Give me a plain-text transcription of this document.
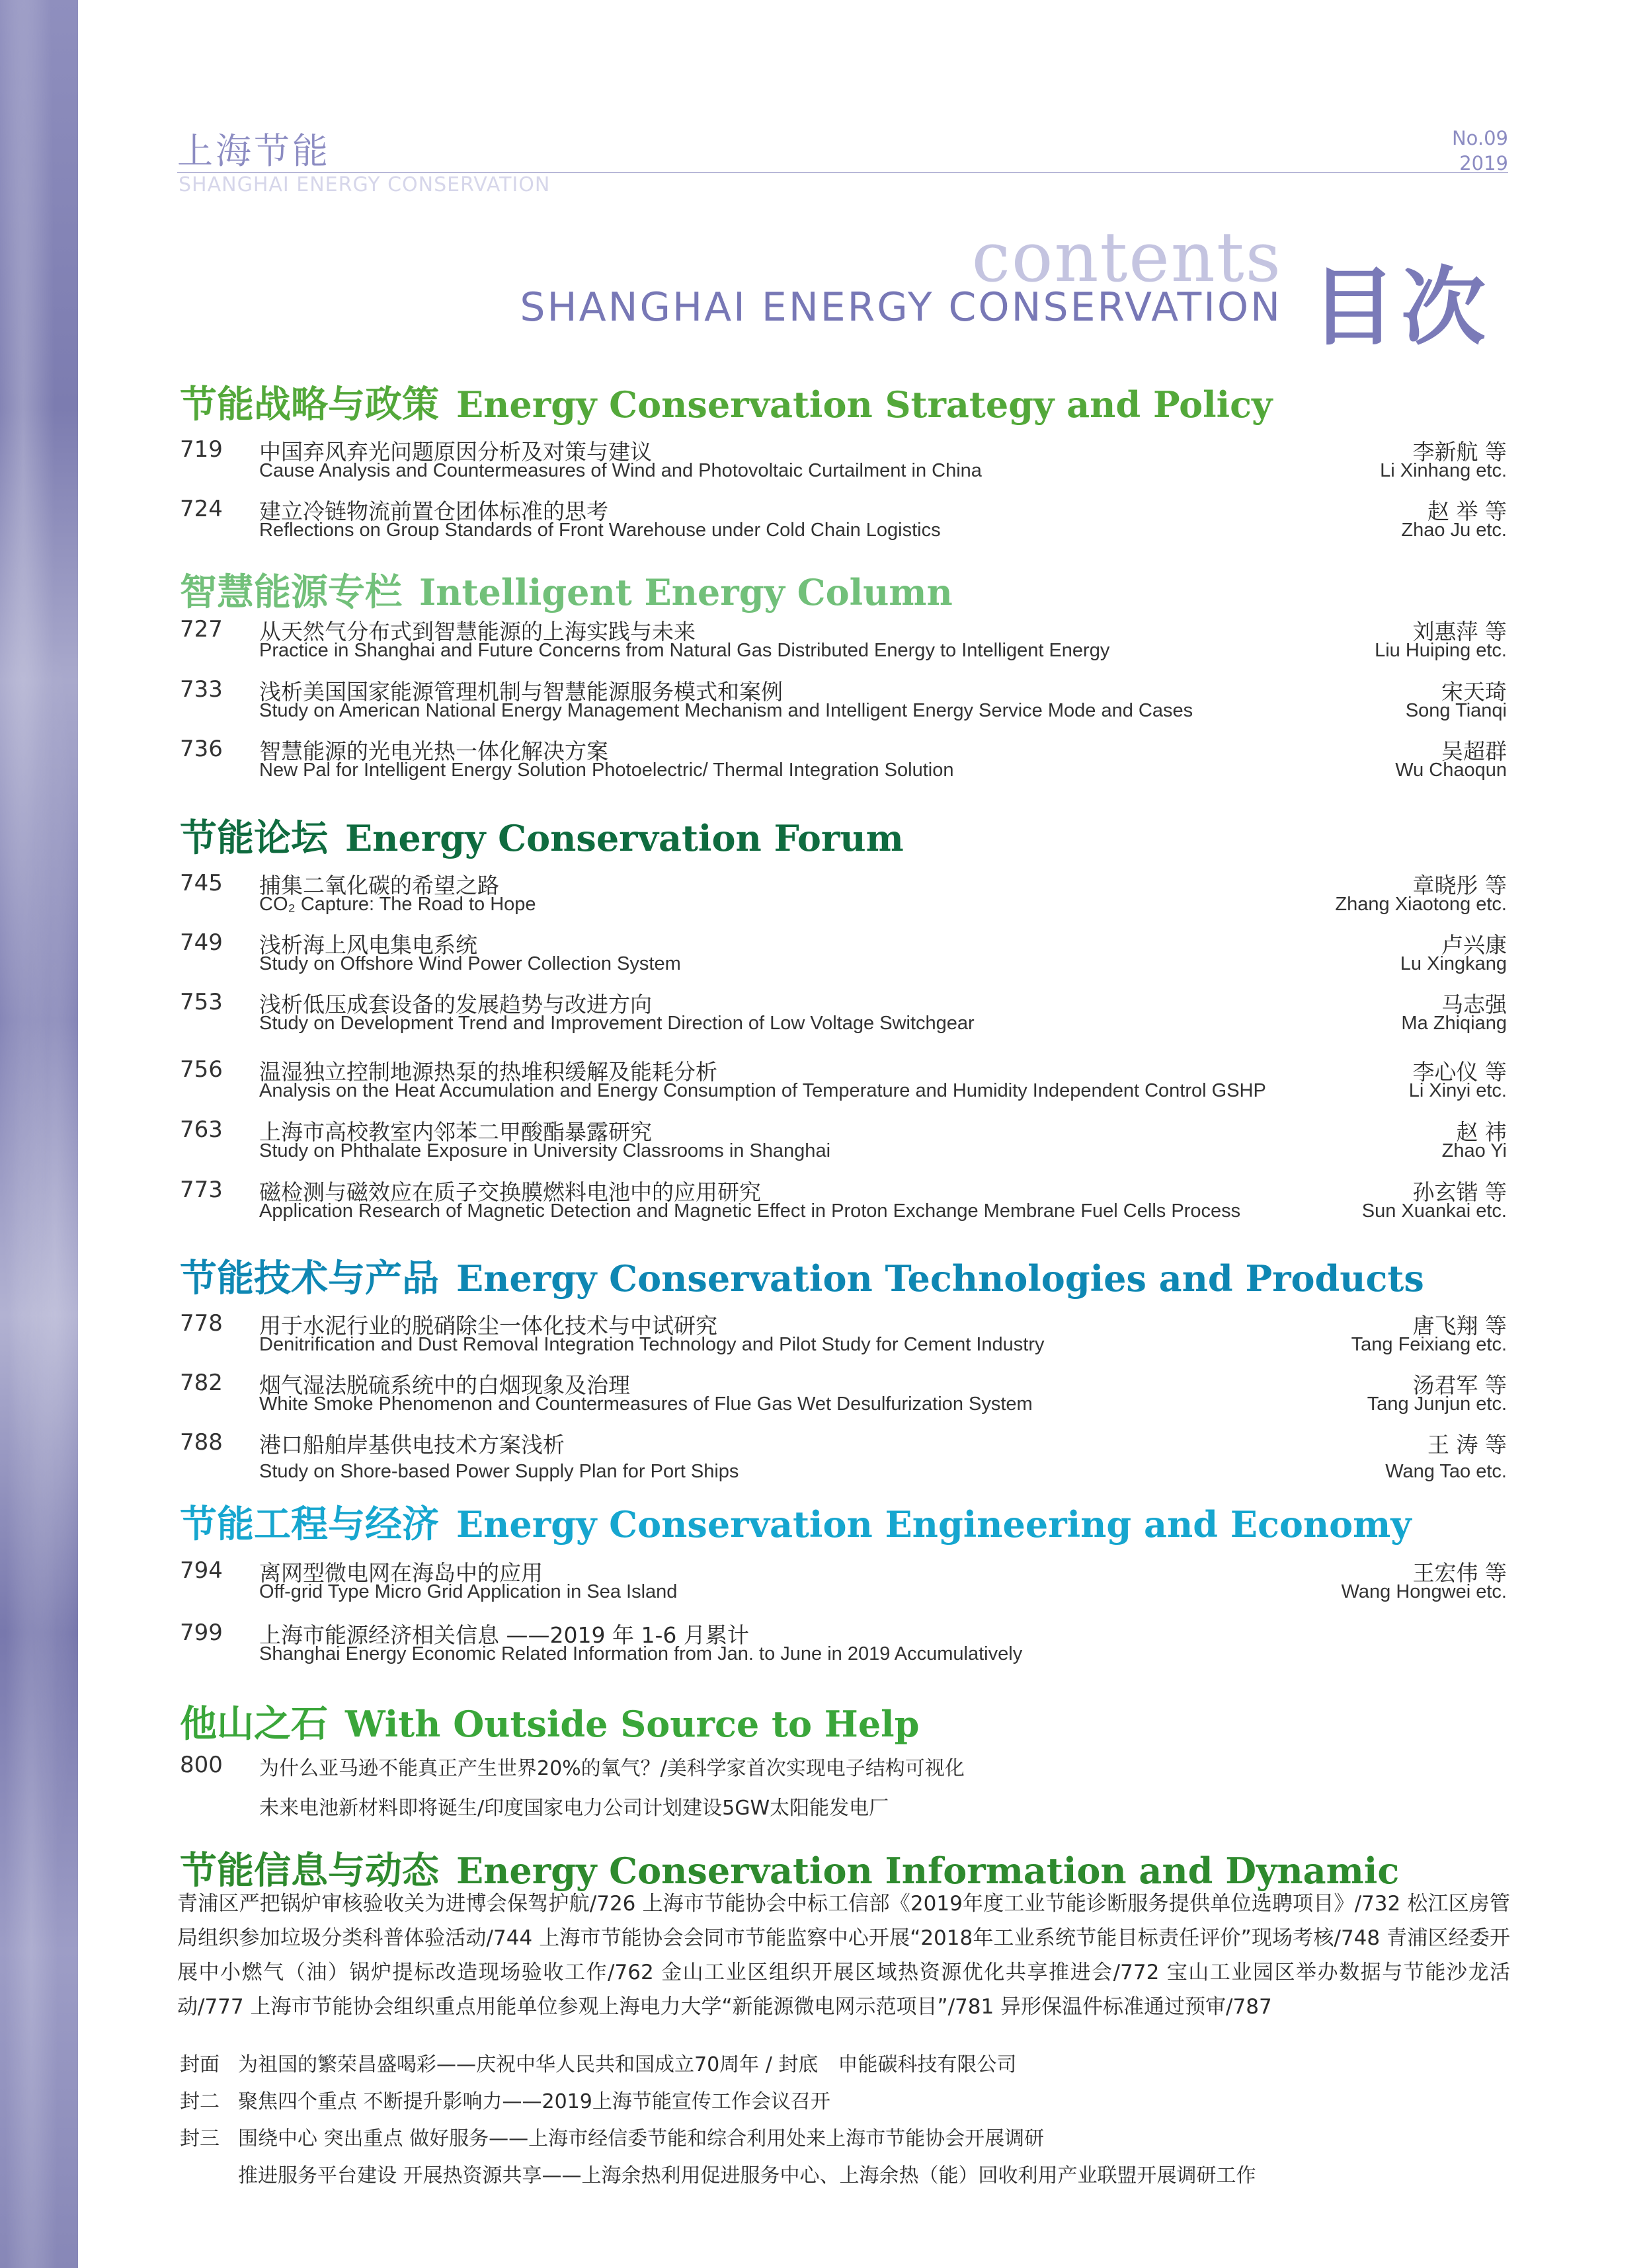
上海节能
SHANGHAI ENERGY CONSERVATION
No.09
2019
contents
SHANGHAI ENERGY CONSERVATION 目次
节能战略与政策 Energy Conservation Strategy and Policy
719 中国弃风弃光问题原因分析及对策与建议
Cause Analysis and Countermeasures of Wind and Photovoltaic Curtailment in China
李新航 等
Li Xinhang etc.
724 建立冷链物流前置仓团体标准的思考
Reflections on Group Standards of Front Warehouse under Cold Chain Logistics
赵 举 等
Zhao Ju etc.
智慧能源专栏 Intelligent Energy Column
727 从天然气分布式到智慧能源的上海实践与未来
Practice in Shanghai and Future Concerns from Natural Gas Distributed Energy to Intelligent Energy
刘惠萍 等
Liu Huiping etc.
733 浅析美国国家能源管理机制与智慧能源服务模式和案例
Study on American National Energy Management Mechanism and Intelligent Energy Service Mode and Cases
宋天琦
Song Tianqi
736 智慧能源的光电光热一体化解决方案
New Pal for Intelligent Energy Solution Photoelectric/ Thermal Integration Solution
吴超群
Wu Chaoqun
节能论坛 Energy Conservation Forum
745 捕集二氧化碳的希望之路
CO₂ Capture: The Road to Hope
章晓彤 等
Zhang Xiaotong etc.
749 浅析海上风电集电系统
Study on Offshore Wind Power Collection System
卢兴康
Lu Xingkang
753 浅析低压成套设备的发展趋势与改进方向
Study on Development Trend and Improvement Direction of Low Voltage Switchgear
马志强
Ma Zhiqiang
756 温湿独立控制地源热泵的热堆积缓解及能耗分析
Analysis on the Heat Accumulation and Energy Consumption of Temperature and Humidity Independent Control GSHP
李心仪 等
Li Xinyi etc.
763 上海市高校教室内邻苯二甲酸酯暴露研究
Study on Phthalate Exposure in University Classrooms in Shanghai
赵 祎
Zhao Yi
773 磁检测与磁效应在质子交换膜燃料电池中的应用研究
Application Research of Magnetic Detection and Magnetic Effect in Proton Exchange Membrane Fuel Cells Process
孙玄锴 等
Sun Xuankai etc.
节能技术与产品 Energy Conservation Technologies and Products
778 用于水泥行业的脱硝除尘一体化技术与中试研究
Denitrification and Dust Removal Integration Technology and Pilot Study for Cement Industry
唐飞翔 等
Tang Feixiang etc.
782 烟气湿法脱硫系统中的白烟现象及治理
White Smoke Phenomenon and Countermeasures of Flue Gas Wet Desulfurization System
汤君军 等
Tang Junjun etc.
788 港口船舶岸基供电技术方案浅析
Study on Shore-based Power Supply Plan for Port Ships
王 涛 等
Wang Tao etc.
节能工程与经济 Energy Conservation Engineering and Economy
794 离网型微电网在海岛中的应用
Off-grid Type Micro Grid Application in Sea Island
王宏伟 等
Wang Hongwei etc.
799 上海市能源经济相关信息 ——2019 年 1-6 月累计
Shanghai Energy Economic Related Information from Jan. to June in 2019 Accumulatively
他山之石 With Outside Source to Help
800 为什么亚马逊不能真正产生世界20%的氧气？/美科学家首次实现电子结构可视化
未来电池新材料即将诞生/印度国家电力公司计划建设5GW太阳能发电厂
节能信息与动态 Energy Conservation Information and Dynamic
青浦区严把锅炉审核验收关为进博会保驾护航/726 上海市节能协会中标工信部《2019年度工业节能诊断服务提供单位选聘项目》/732 松江区房管局组织参加垃圾分类科普体验活动/744 上海市节能协会会同市节能监察中心开展“2018年工业系统节能目标责任评价”现场考核/748 青浦区经委开展中小燃气（油）锅炉提标改造现场验收工作/762 金山工业区组织开展区域热资源优化共享推进会/772 宝山工业园区举办数据与节能沙龙活动/777 上海市节能协会组织重点用能单位参观上海电力大学“新能源微电网示范项目”/781 异形保温件标准通过预审/787
封面 为祖国的繁荣昌盛喝彩——庆祝中华人民共和国成立70周年 / 封底　申能碳科技有限公司
封二 聚焦四个重点 不断提升影响力——2019上海节能宣传工作会议召开
封三 围绕中心 突出重点 做好服务——上海市经信委节能和综合利用处来上海市节能协会开展调研
推进服务平台建设 开展热资源共享——上海余热利用促进服务中心、上海余热（能）回收利用产业联盟开展调研工作
